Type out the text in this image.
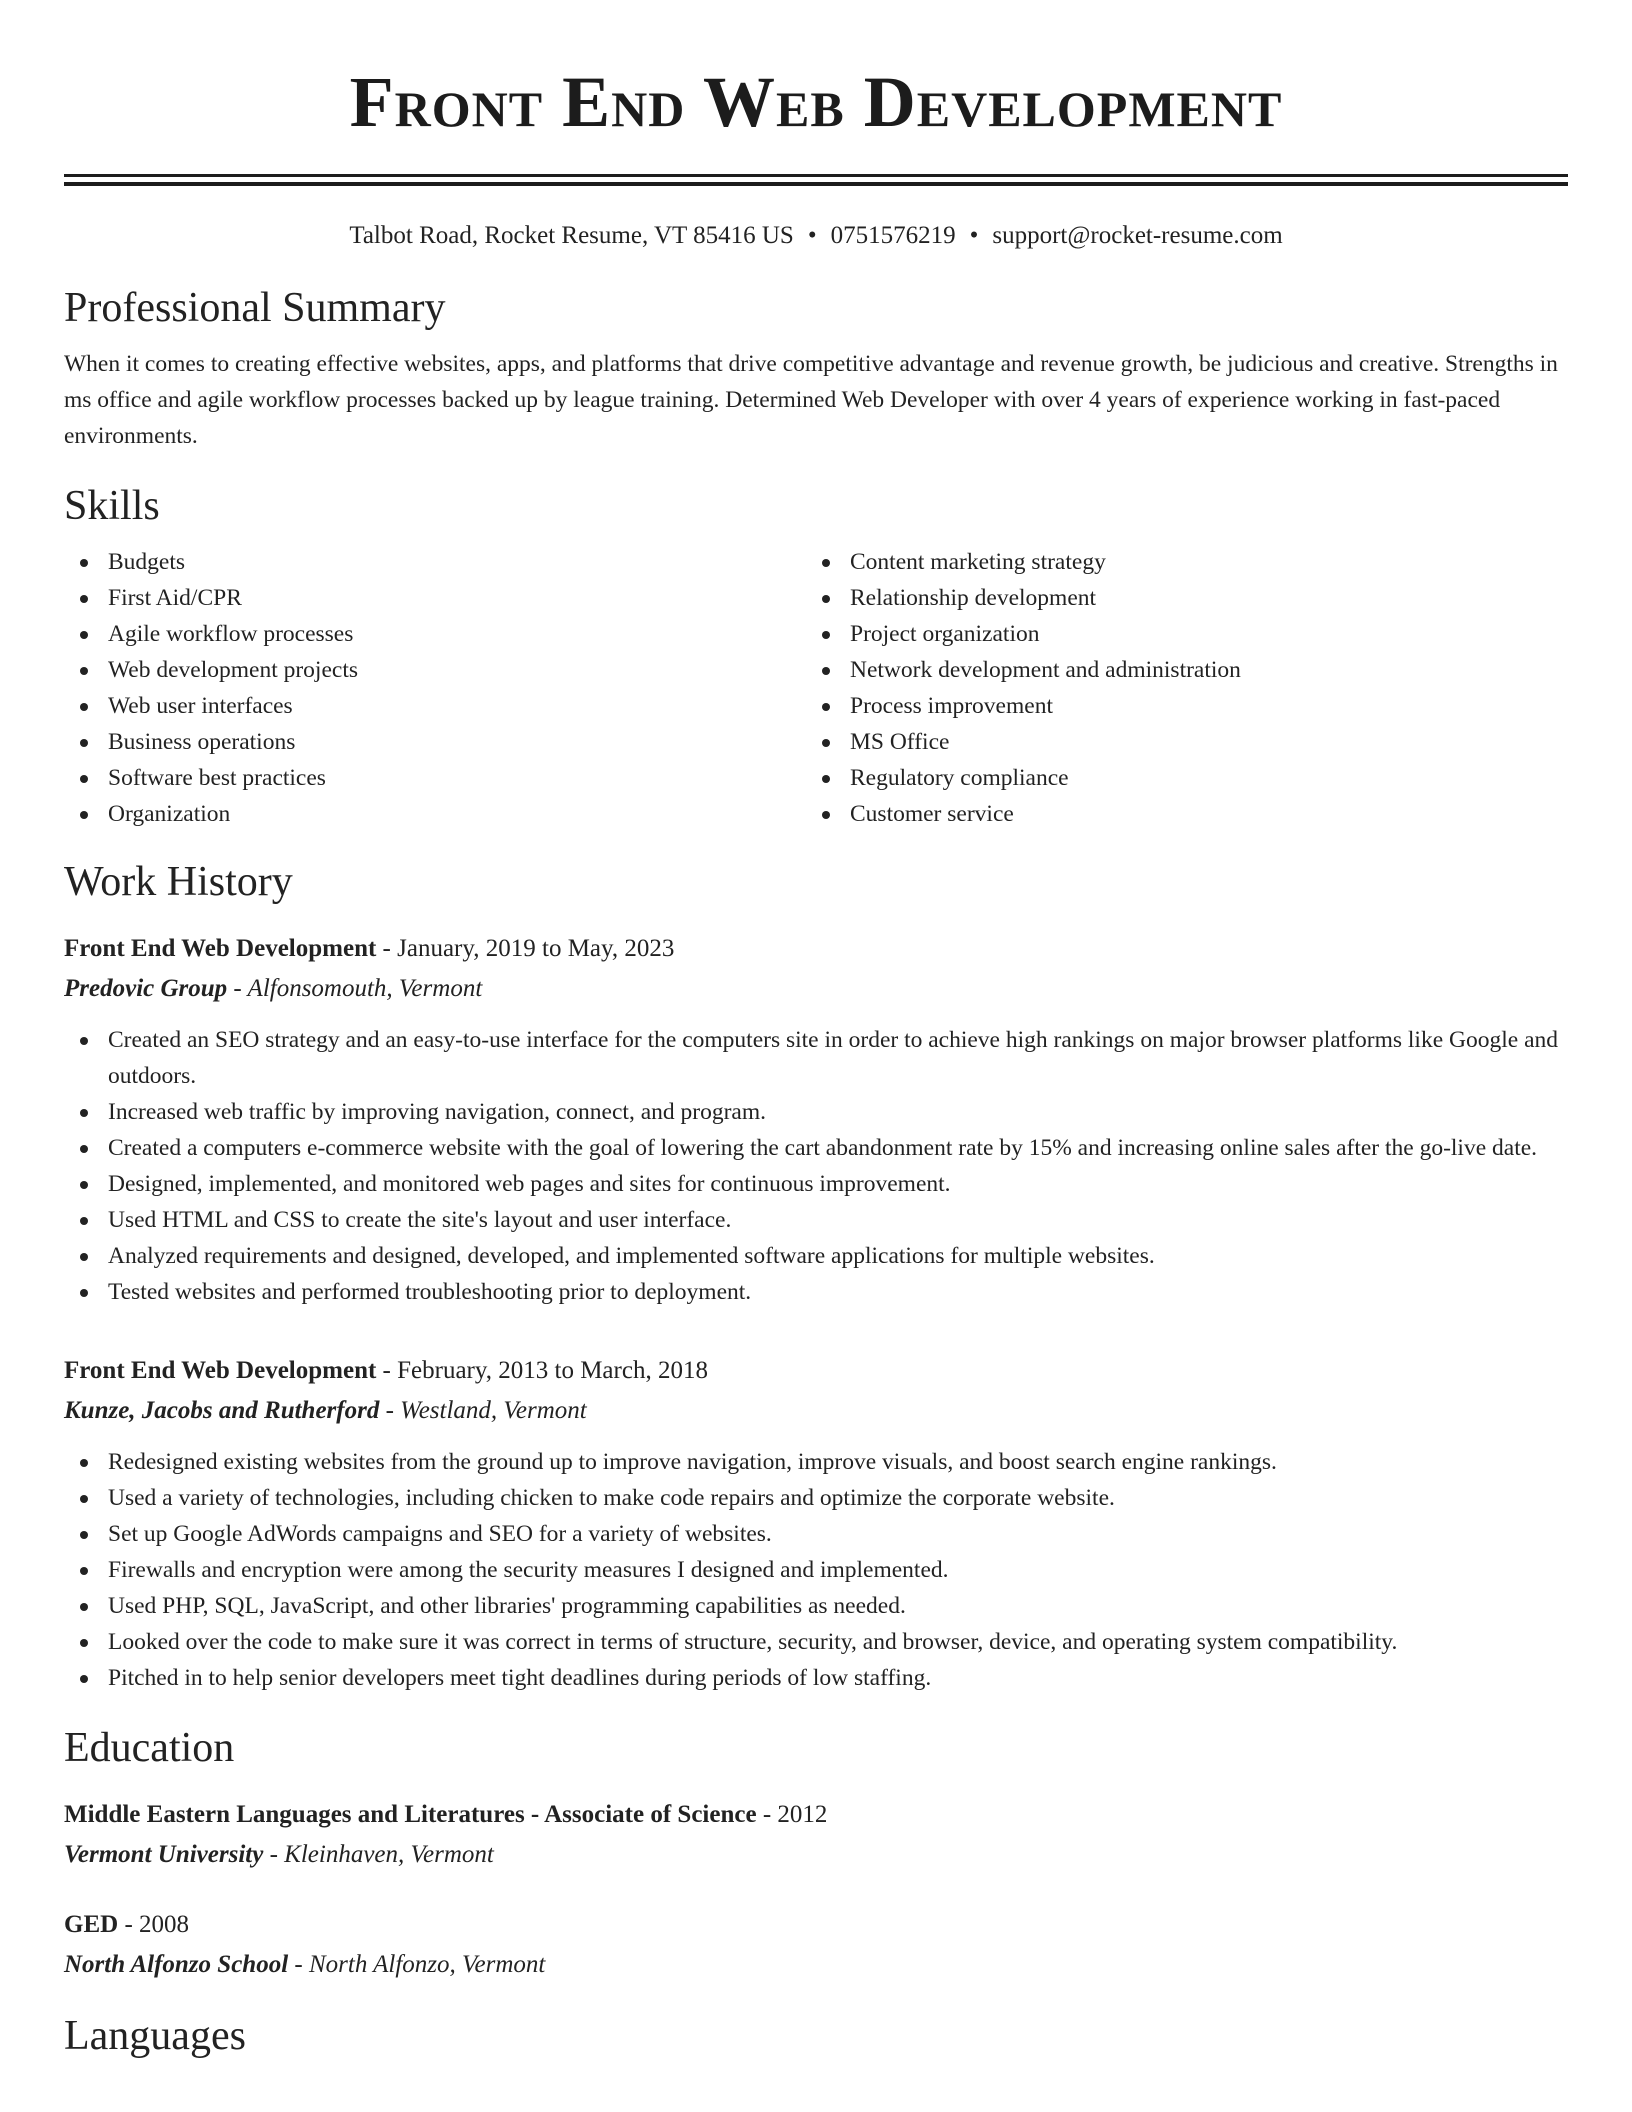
Front End Web Development
Talbot Road, Rocket Resume, VT 85416 US • 0751576219 • support@rocket-resume.com
Professional Summary
When it comes to creating effective websites, apps, and platforms that drive competitive advantage and revenue growth, be judicious and creative. Strengths in ms office and agile workflow processes backed up by league training. Determined Web Developer with over 4 years of experience working in fast-paced environments.
Skills
Budgets
First Aid/CPR
Agile workflow processes
Web development projects
Web user interfaces
Business operations
Software best practices
Organization
Content marketing strategy
Relationship development
Project organization
Network development and administration
Process improvement
MS Office
Regulatory compliance
Customer service
Work History
Front End Web Development - January, 2019 to May, 2023
Predovic Group - Alfonsomouth, Vermont
Created an SEO strategy and an easy-to-use interface for the computers site in order to achieve high rankings on major browser platforms like Google and outdoors.
Increased web traffic by improving navigation, connect, and program.
Created a computers e-commerce website with the goal of lowering the cart abandonment rate by 15% and increasing online sales after the go-live date.
Designed, implemented, and monitored web pages and sites for continuous improvement.
Used HTML and CSS to create the site's layout and user interface.
Analyzed requirements and designed, developed, and implemented software applications for multiple websites.
Tested websites and performed troubleshooting prior to deployment.
Front End Web Development - February, 2013 to March, 2018
Kunze, Jacobs and Rutherford - Westland, Vermont
Redesigned existing websites from the ground up to improve navigation, improve visuals, and boost search engine rankings.
Used a variety of technologies, including chicken to make code repairs and optimize the corporate website.
Set up Google AdWords campaigns and SEO for a variety of websites.
Firewalls and encryption were among the security measures I designed and implemented.
Used PHP, SQL, JavaScript, and other libraries' programming capabilities as needed.
Looked over the code to make sure it was correct in terms of structure, security, and browser, device, and operating system compatibility.
Pitched in to help senior developers meet tight deadlines during periods of low staffing.
Education
Middle Eastern Languages and Literatures - Associate of Science - 2012
Vermont University - Kleinhaven, Vermont
GED - 2008
North Alfonzo School - North Alfonzo, Vermont
Languages
